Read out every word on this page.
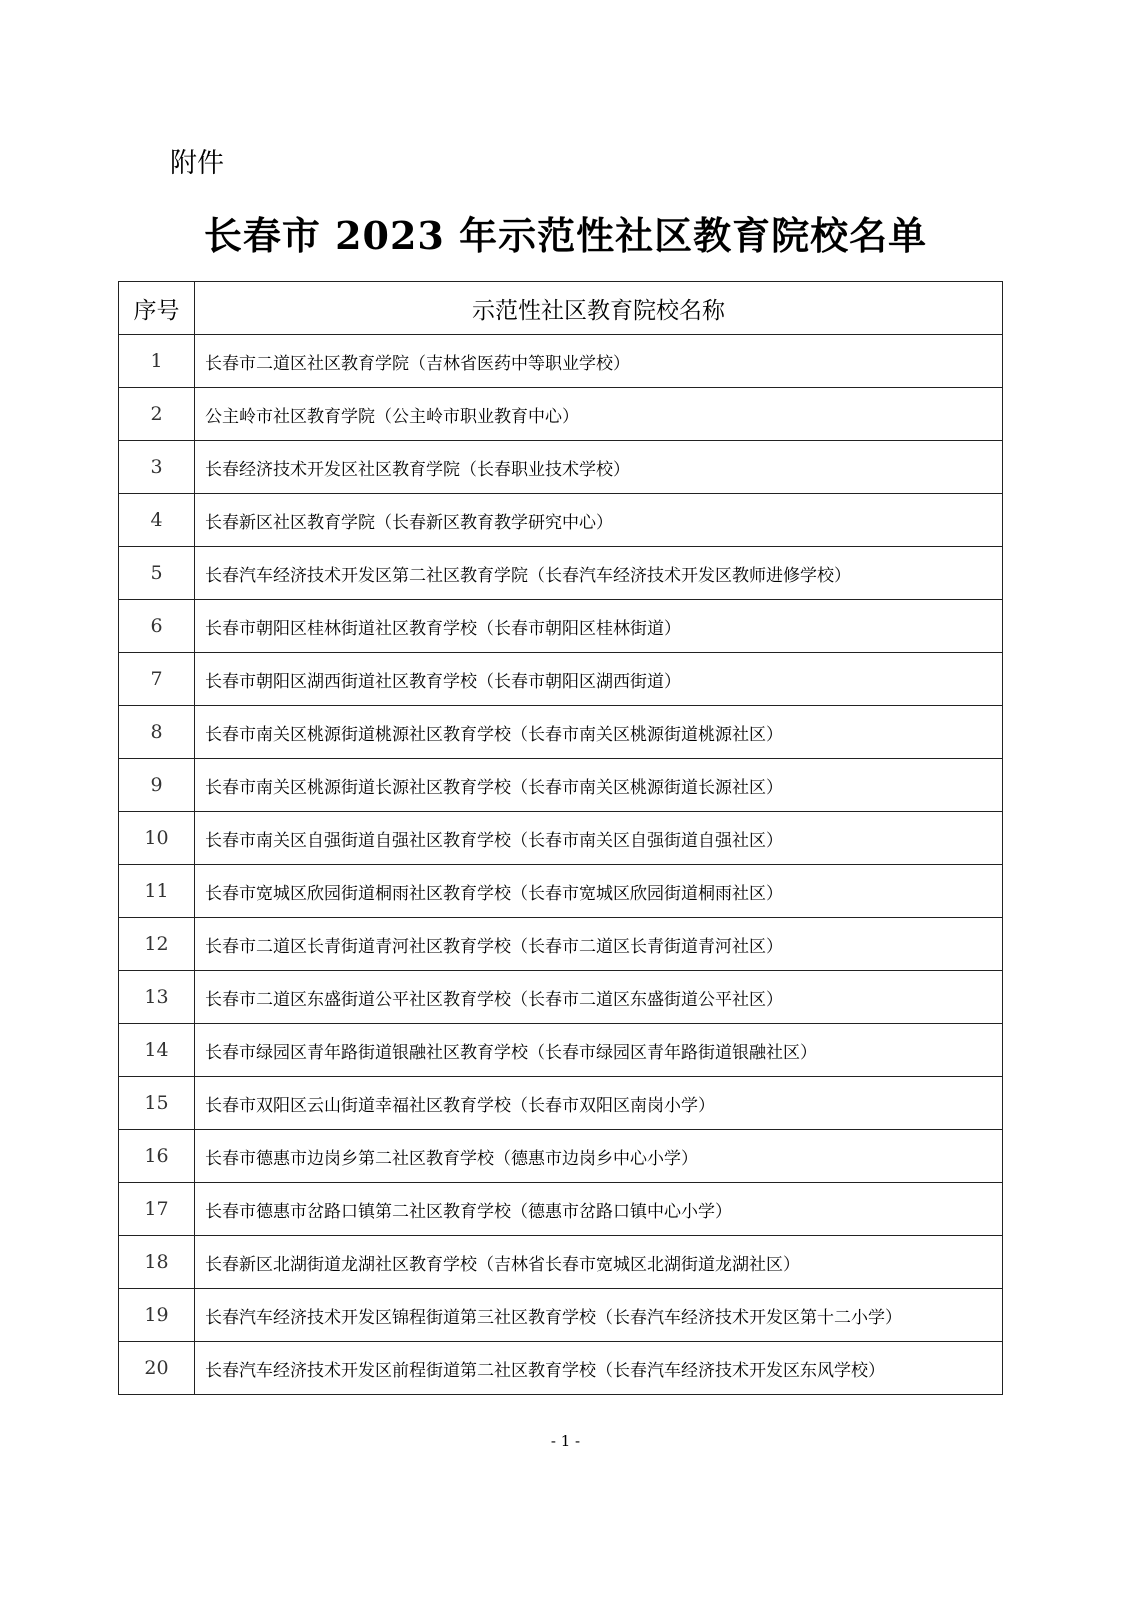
附件
长春市 2023 年示范性社区教育院校名单
序号	示范性社区教育院校名称
1	长春市二道区社区教育学院（吉林省医药中等职业学校）
2	公主岭市社区教育学院（公主岭市职业教育中心）
3	长春经济技术开发区社区教育学院（长春职业技术学校）
4	长春新区社区教育学院（长春新区教育教学研究中心）
5	长春汽车经济技术开发区第二社区教育学院（长春汽车经济技术开发区教师进修学校）
6	长春市朝阳区桂林街道社区教育学校（长春市朝阳区桂林街道）
7	长春市朝阳区湖西街道社区教育学校（长春市朝阳区湖西街道）
8	长春市南关区桃源街道桃源社区教育学校（长春市南关区桃源街道桃源社区）
9	长春市南关区桃源街道长源社区教育学校（长春市南关区桃源街道长源社区）
10	长春市南关区自强街道自强社区教育学校（长春市南关区自强街道自强社区）
11	长春市宽城区欣园街道桐雨社区教育学校（长春市宽城区欣园街道桐雨社区）
12	长春市二道区长青街道青河社区教育学校（长春市二道区长青街道青河社区）
13	长春市二道区东盛街道公平社区教育学校（长春市二道区东盛街道公平社区）
14	长春市绿园区青年路街道银融社区教育学校（长春市绿园区青年路街道银融社区）
15	长春市双阳区云山街道幸福社区教育学校（长春市双阳区南岗小学）
16	长春市德惠市边岗乡第二社区教育学校（德惠市边岗乡中心小学）
17	长春市德惠市岔路口镇第二社区教育学校（德惠市岔路口镇中心小学）
18	长春新区北湖街道龙湖社区教育学校（吉林省长春市宽城区北湖街道龙湖社区）
19	长春汽车经济技术开发区锦程街道第三社区教育学校（长春汽车经济技术开发区第十二小学）
20	长春汽车经济技术开发区前程街道第二社区教育学校（长春汽车经济技术开发区东风学校）
- 1 -
